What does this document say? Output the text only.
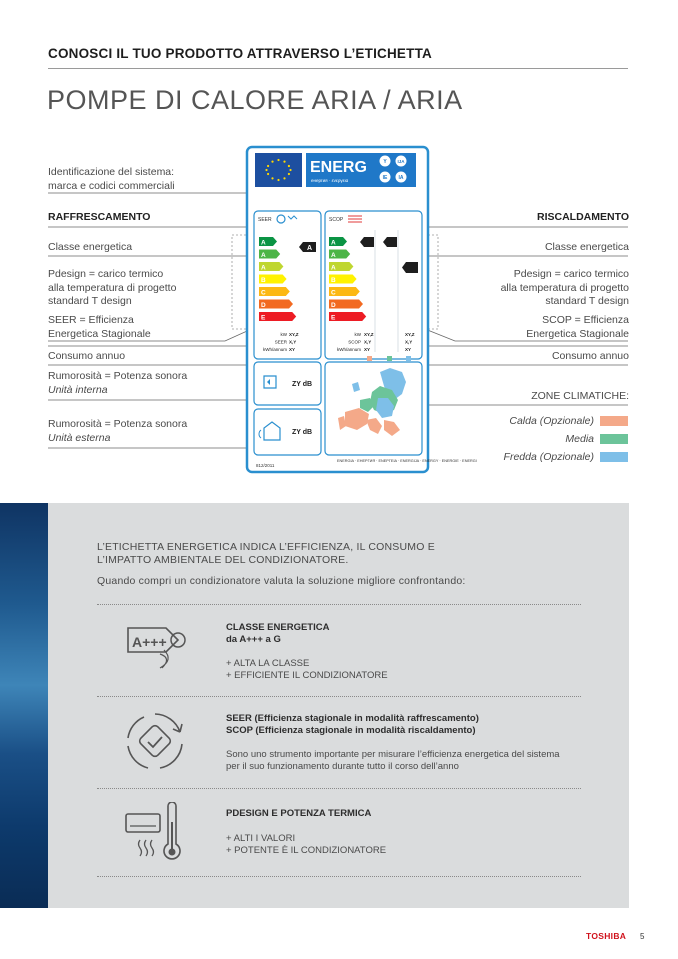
CONOSCI IL TUO PRODOTTO ATTRAVERSO L’ETICHETTA
POMPE DI CALORE ARIA / ARIA
Identificazione del sistema:
marca e codici commerciali
RAFFRESCAMENTO
Classe energetica
Pdesign = carico termico
alla temperatura di progetto
standard T design
SEER = Efficienza
Energetica Stagionale
Consumo annuo
Rumorosità = Potenza sonora
Unità interna
Rumorosità = Potenza sonora
Unità esterna
RISCALDAMENTO
Classe energetica
Pdesign = carico termico
alla temperatura di progetto
standard T design
SCOP = Efficienza
Energetica Stagionale
Consumo annuo
ZONE CLIMATICHE:
Calda (Opzionale)
Media
Fredda (Opzionale)
ENERG
енергия · ενεργεια
Y IJA
IE IA
SEER
A
A
A
B
C
D
E
A
kW XY,Z
SEER X,Y
kWh/annum XY
SCOP
A
A
A
B
C
D
E
kW XY,Z	XY,Z
SCOP X,Y	X,Y
kWh/annum XY	XY
ZY dB
ZY dB
ENERGIA · ЕНЕРГИЯ · ΕΝΕΡΓΕΙΑ · ENERGIJA · ENERGY · ENERGIE · ENERGI
812/2011
L’ETICHETTA ENERGETICA INDICA L’EFFICIENZA, IL CONSUMO E
L’IMPATTO AMBIENTALE DEL CONDIZIONATORE.
Quando compri un condizionatore valuta la soluzione migliore confrontando:
A+++
CLASSE ENERGETICA
da A+++ a G
+ ALTA LA CLASSE
+ EFFICIENTE IL CONDIZIONATORE
SEER (Efficienza stagionale in modalità raffrescamento)
SCOP (Efficienza stagionale in modalità riscaldamento)
Sono uno strumento importante per misurare l’efficienza energetica del sistema
per il suo funzionamento durante tutto il corso dell’anno
PDESIGN E POTENZA TERMICA
+ ALTI I VALORI
+ POTENTE È IL CONDIZIONATORE
TOSHIBA 5
